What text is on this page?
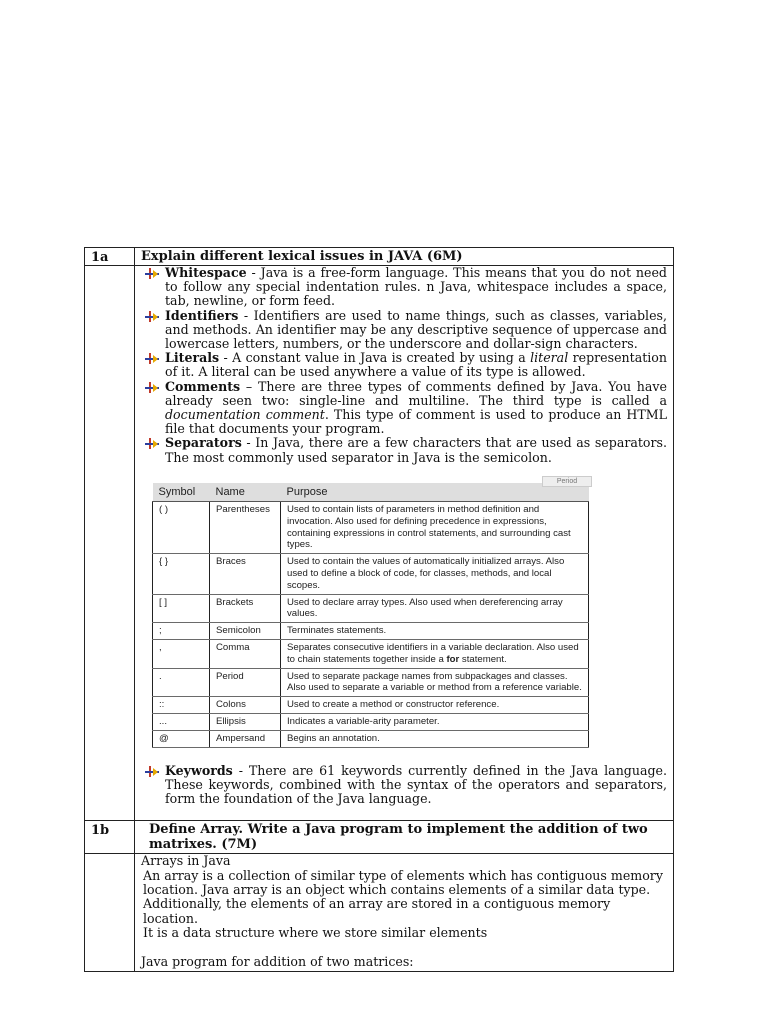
1a	Explain different lexical issues in JAVA (6M)

Whitespace - Java is a free-form language. This means that you do not need to follow any special indentation rules. n Java, whitespace includes a space, tab, newline, or form feed.
Identifiers - Identifiers are used to name things, such as classes, variables, and methods. An identifier may be any descriptive sequence of uppercase and lowercase letters, numbers, or the underscore and dollar-sign characters.
Literals - A constant value in Java is created by using a literal representation of it. A literal can be used anywhere a value of its type is allowed.
Comments – There are three types of comments defined by Java. You have already seen two: single-line and multiline. The third type is called a documentation comment. This type of comment is used to produce an HTML file that documents your program.
Separators - In Java, there are a few characters that are used as separators. The most commonly used separator in Java is the semicolon.
Period
Symbol	Name	Purpose
( )	Parentheses	Used to contain lists of parameters in method definition and invocation. Also used for defining precedence in expressions, containing expressions in control statements, and surrounding cast types.
{ }	Braces	Used to contain the values of automatically initialized arrays. Also used to define a block of code, for classes, methods, and local scopes.
[ ]	Brackets	Used to declare array types. Also used when dereferencing array values.
;	Semicolon	Terminates statements.
,	Comma	Separates consecutive identifiers in a variable declaration. Also used to chain statements together inside a for statement.
.	Period	Used to separate package names from subpackages and classes. Also used to separate a variable or method from a reference variable.
::	Colons	Used to create a method or constructor reference.
...	Ellipsis	Indicates a variable-arity parameter.
@	Ampersand	Begins an annotation.
Keywords - There are 61 keywords currently defined in the Java language. These keywords, combined with the syntax of the operators and separators, form the foundation of the Java language.

1b	Define Array. Write a Java program to implement the addition of two matrixes. (7M)

Arrays in Java
An array is a collection of similar type of elements which has contiguous memory location. Java array is an object which contains elements of a similar data type. Additionally, the elements of an array are stored in a contiguous memory location.
It is a data structure where we store similar elements
Java program for addition of two matrices:
